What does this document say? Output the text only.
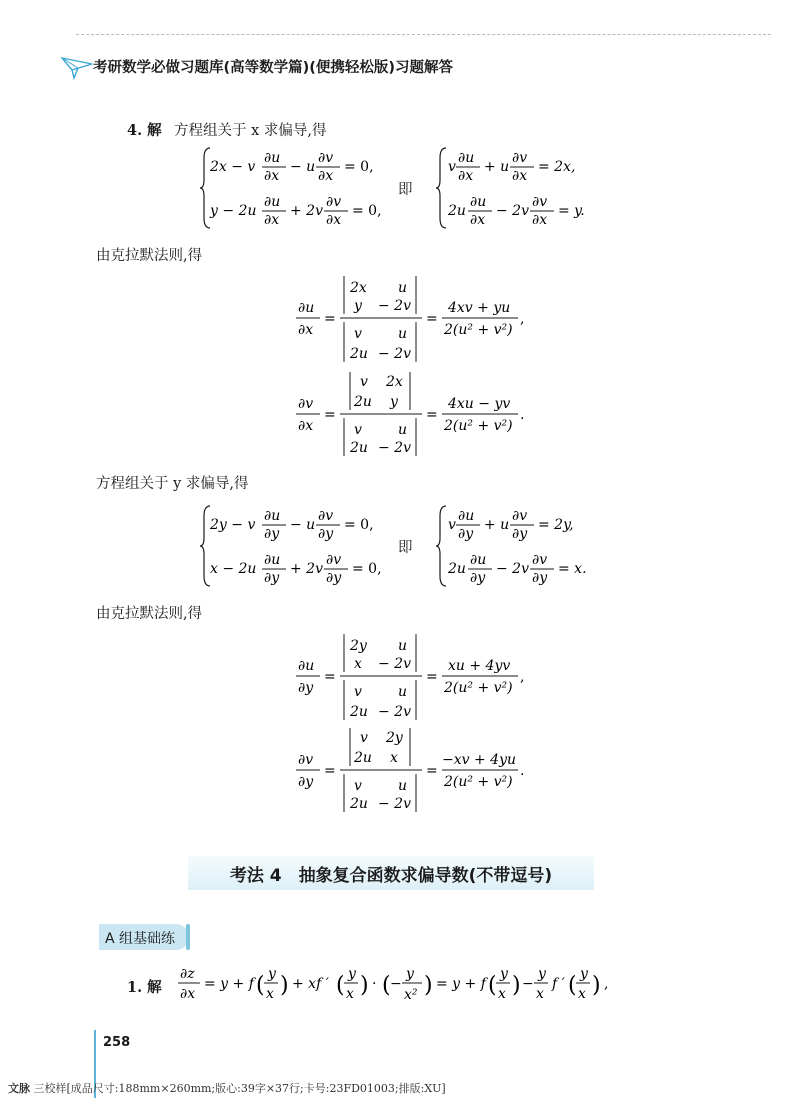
考研数学必做习题库(高等数学篇)(便携轻松版)习题解答
4. 解 方程组关于 x 求偏导,得
2x − v
∂u
∂x
− u
∂v
∂x
= 0,
y − 2u
∂u
∂x
+ 2v
∂v
∂x
= 0,
v
∂u
∂x
+ u
∂v
∂x
= 2x,
2u
∂u
∂x
− 2v
∂v
∂x
= y.
即
由克拉默法则,得
∂u
∂x
=
2x u
y − 2v
v	u
2u − 2v
=
4xv + yu
2(u² + v²)
,
∂v
∂x
=
v 2x
2u y
v	u
2u − 2v
=
4xu − yv
2(u² + v²)
.
方程组关于 y 求偏导,得
2y − v
∂u
∂y
− u
∂v
∂y
= 0,
x − 2u
∂u
∂y
+ 2v
∂v
∂y
= 0,
v
∂u
∂y
+ u
∂v
∂y
= 2y,
2u
∂u
∂y
− 2v
∂v
∂y
= x.
即
由克拉默法则,得
∂u
∂y
=
2y u
x − 2v
v	u
2u − 2v
=
xu + 4yv
2(u² + v²)
,
∂v
∂y
=
v 2y
2u x
v	u
2u − 2v
=
−xv + 4yu
2(u² + v²)
.
考法 4　抽象复合函数求偏导数(不带逗号)
A 组基础练
1. 解
∂z
∂x
= y + f ( y
x ) + xf ′ ( y
x ) · ( −
y
x² ) = y + f ( y
x ) −
y
x
f ′ ( y
x ) ,
258
文脉 三校样[成品尺寸:188mm×260mm;版心:39字×37行;卡号:23FD01003;排版:XU]
